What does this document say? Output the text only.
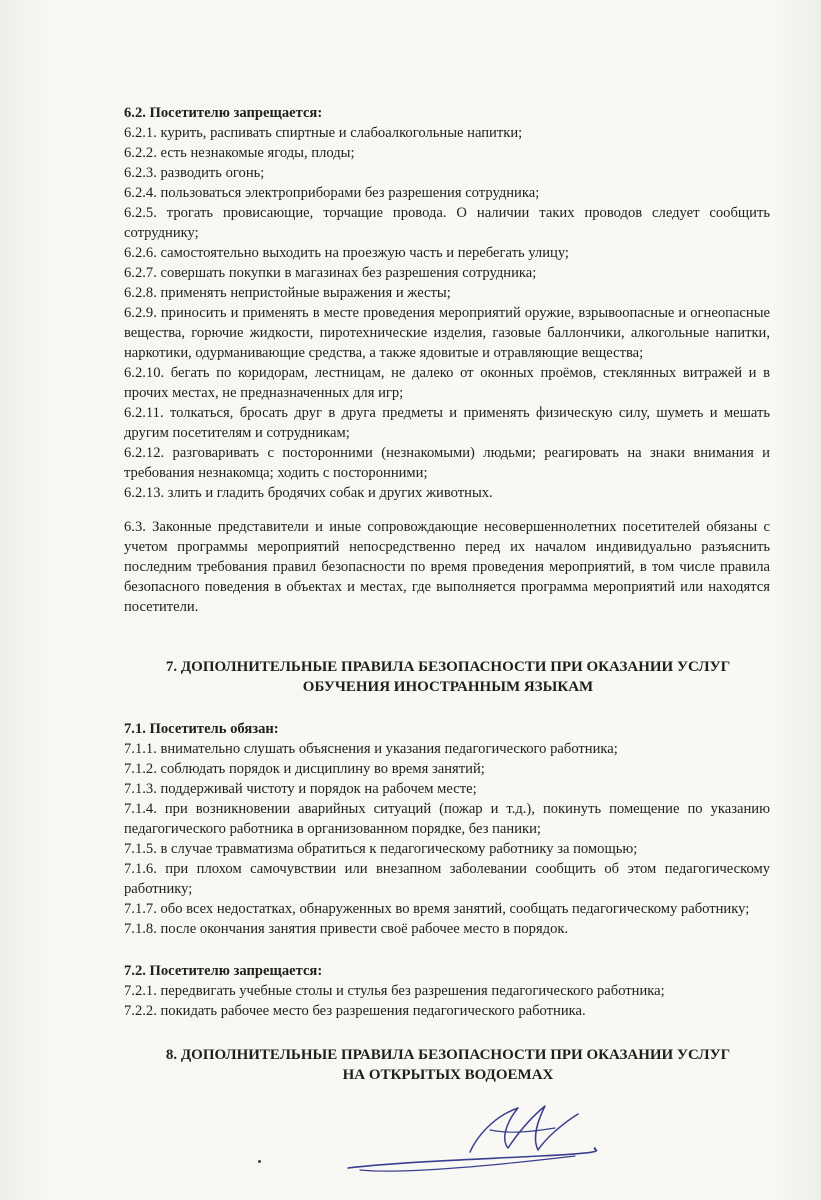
6.2. Посетителю запрещается:
6.2.1. курить, распивать спиртные и слабоалкогольные напитки;
6.2.2. есть незнакомые ягоды, плоды;
6.2.3. разводить огонь;
6.2.4. пользоваться электроприборами без разрешения сотрудника;
6.2.5. трогать провисающие, торчащие провода. О наличии таких проводов следует сообщить сотруднику;
6.2.6. самостоятельно выходить на проезжую часть и перебегать улицу;
6.2.7. совершать покупки в магазинах без разрешения сотрудника;
6.2.8. применять непристойные выражения и жесты;
6.2.9. приносить и применять в месте проведения мероприятий оружие, взрывоопасные и огнеопасные вещества, горючие жидкости, пиротехнические изделия, газовые баллончики, алкогольные напитки, наркотики, одурманивающие средства, а также ядовитые и отравляющие вещества;
6.2.10. бегать по коридорам, лестницам, не далеко от оконных проёмов, стеклянных витражей и в прочих местах, не предназначенных для игр;
6.2.11. толкаться, бросать друг в друга предметы и применять физическую силу, шуметь и мешать другим посетителям и сотрудникам;
6.2.12. разговаривать с посторонними (незнакомыми) людьми; реагировать на знаки внимания и требования незнакомца; ходить с посторонними;
6.2.13. злить и гладить бродячих собак и других животных.
6.3. Законные представители и иные сопровождающие несовершеннолетних посетителей обязаны с учетом программы мероприятий непосредственно перед их началом индивидуально разъяснить последним требования правил безопасности по время проведения мероприятий, в том числе правила безопасного поведения в объектах и местах, где выполняется программа мероприятий или находятся посетители.
7. ДОПОЛНИТЕЛЬНЫЕ ПРАВИЛА БЕЗОПАСНОСТИ ПРИ ОКАЗАНИИ УСЛУГ
ОБУЧЕНИЯ ИНОСТРАННЫМ ЯЗЫКАМ
7.1. Посетитель обязан:
7.1.1. внимательно слушать объяснения и указания педагогического работника;
7.1.2. соблюдать порядок и дисциплину во время занятий;
7.1.3. поддерживай чистоту и порядок на рабочем месте;
7.1.4. при возникновении аварийных ситуаций (пожар и т.д.), покинуть помещение по указанию педагогического работника в организованном порядке, без паники;
7.1.5. в случае травматизма обратиться к педагогическому работнику за помощью;
7.1.6. при плохом самочувствии или внезапном заболевании сообщить об этом педагогическому работнику;
7.1.7. обо всех недостатках, обнаруженных во время занятий, сообщать педагогическому работнику;
7.1.8. после окончания занятия привести своё рабочее место в порядок.
7.2. Посетителю запрещается:
7.2.1. передвигать учебные столы и стулья без разрешения педагогического работника;
7.2.2. покидать рабочее место без разрешения педагогического работника.
8. ДОПОЛНИТЕЛЬНЫЕ ПРАВИЛА БЕЗОПАСНОСТИ ПРИ ОКАЗАНИИ УСЛУГ
НА ОТКРЫТЫХ ВОДОЕМАХ
